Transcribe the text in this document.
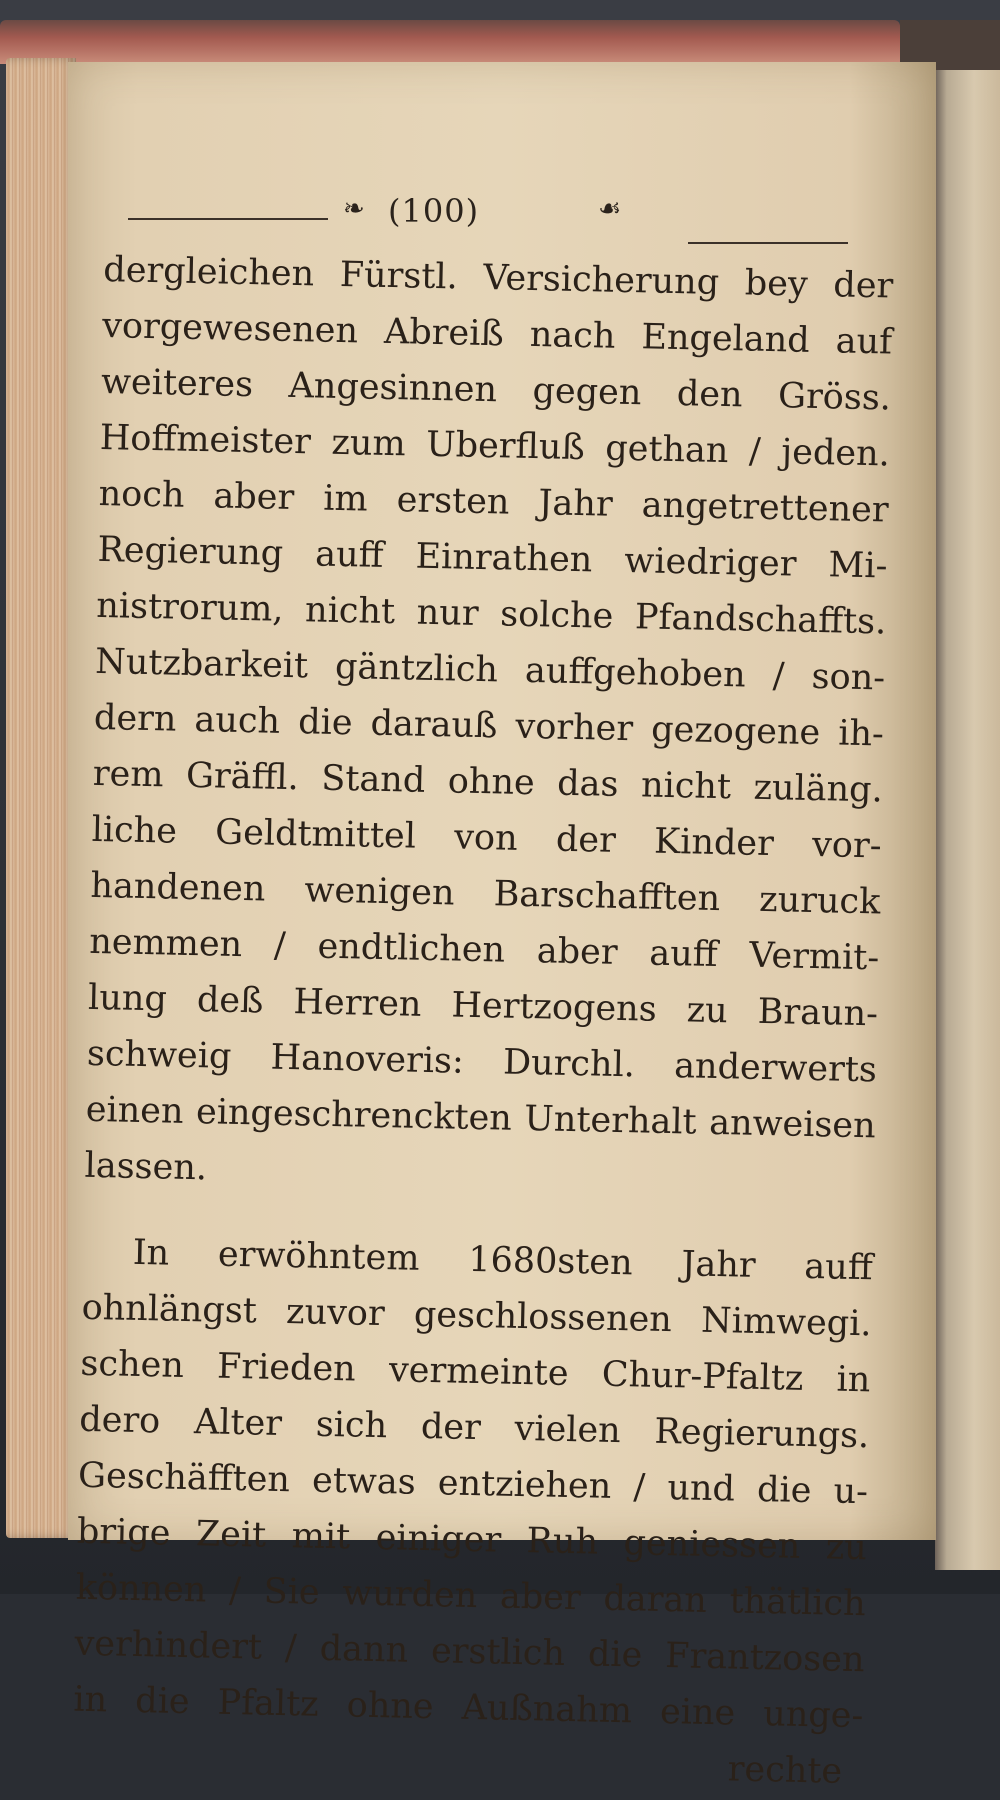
❧ (100)	☙
dergleichen Fürstl. Versicherung bey der
vorgewesenen Abreiß nach Engeland auf
weiteres Angesinnen gegen den Gröss.
Hoffmeister zum Uberfluß gethan / jeden.
noch aber im ersten Jahr angetrettener
Regierung auff Einrathen wiedriger Mi-
nistrorum, nicht nur solche Pfandschaffts.
Nutzbarkeit gäntzlich auffgehoben / son-
dern auch die darauß vorher gezogene ih-
rem Gräffl. Stand ohne das nicht zuläng.
liche Geldtmittel von der Kinder vor-
handenen wenigen Barschafften zuruck
nemmen / endtlichen aber auff Vermit-
lung deß Herren Hertzogens zu Braun-
schweig Hanoveris: Durchl. anderwerts
einen eingeschrenckten Unterhalt anweisen
lassen.
In erwöhntem 1680sten Jahr auff
ohnlängst zuvor geschlossenen Nimwegi.
schen Frieden vermeinte Chur-Pfaltz in
dero Alter sich der vielen Regierungs.
Geschäfften etwas entziehen / und die u-
brige Zeit mit einiger Ruh geniessen zu
können / Sie wurden aber daran thätlich
verhindert / dann erstlich die Frantzosen
in die Pfaltz ohne Außnahm eine unge-
rechte
